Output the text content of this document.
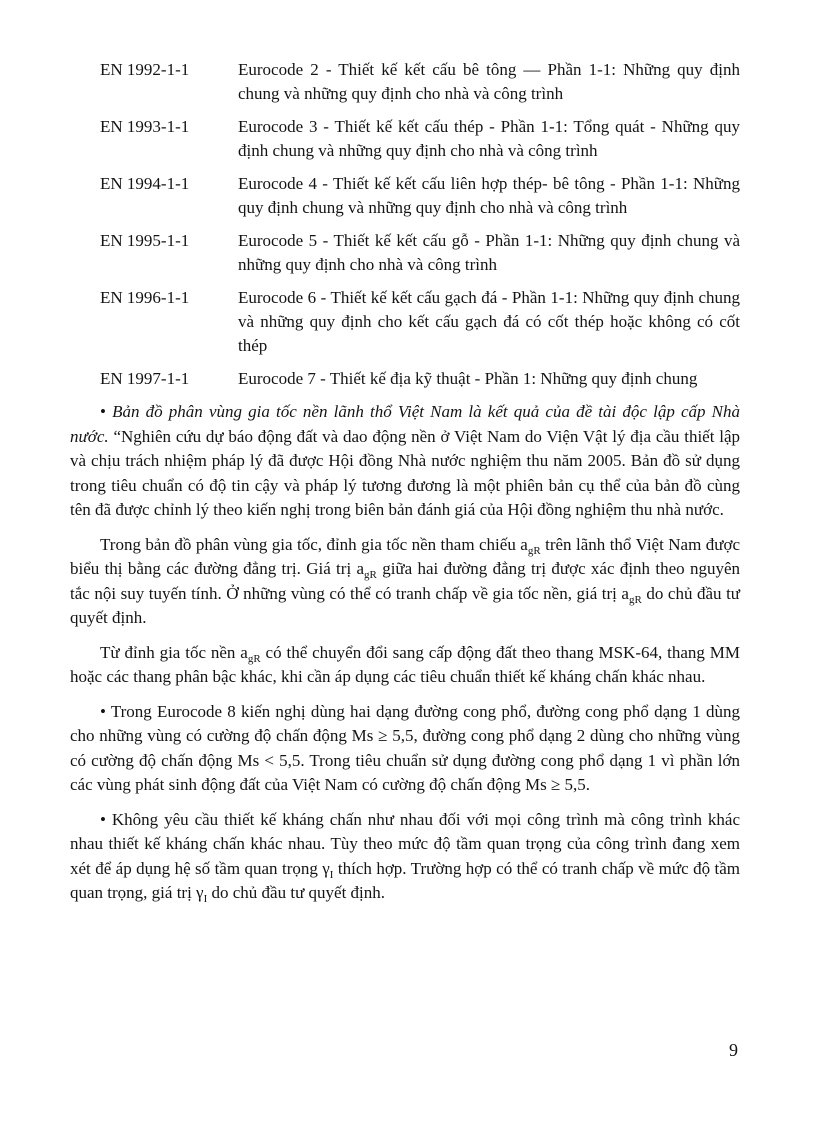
EN 1992-1-1	Eurocode 2 - Thiết kế kết cấu bê tông — Phần 1-1: Những quy định chung và những quy định cho nhà và công trình
EN 1993-1-1	Eurocode 3 - Thiết kế kết cấu thép - Phần 1-1: Tổng quát - Những quy định chung và những quy định cho nhà và công trình
EN 1994-1-1	Eurocode 4 - Thiết kế kết cấu liên hợp thép- bê tông - Phần 1-1: Những quy định chung và những quy định cho nhà và công trình
EN 1995-1-1	Eurocode 5 - Thiết kế kết cấu gỗ - Phần 1-1: Những quy định chung và những quy định cho nhà và công trình
EN 1996-1-1	Eurocode 6 - Thiết kế kết cấu gạch đá - Phần 1-1: Những quy định chung và những quy định cho kết cấu gạch đá có cốt thép hoặc không có cốt thép
EN 1997-1-1	Eurocode 7 - Thiết kế địa kỹ thuật - Phần 1: Những quy định chung

• Bản đồ phân vùng gia tốc nền lãnh thổ Việt Nam là kết quả của đề tài độc lập cấp Nhà nước. “Nghiên cứu dự báo động đất và dao động nền ở Việt Nam do Viện Vật lý địa cầu thiết lập và chịu trách nhiệm pháp lý đã được Hội đồng Nhà nước nghiệm thu năm 2005. Bản đồ sử dụng trong tiêu chuẩn có độ tin cậy và pháp lý tương đương là một phiên bản cụ thể của bản đồ cùng tên đã được chỉnh lý theo kiến nghị trong biên bản đánh giá của Hội đồng nghiệm thu nhà nước.

Trong bản đồ phân vùng gia tốc, đỉnh gia tốc nền tham chiếu $a_{gR}$ trên lãnh thổ Việt Nam được biểu thị bằng các đường đẳng trị. Giá trị $a_{gR}$ giữa hai đường đẳng trị được xác định theo nguyên tắc nội suy tuyến tính. Ở những vùng có thể có tranh chấp về gia tốc nền, giá trị $a_{gR}$ do chủ đầu tư quyết định.

Từ đỉnh gia tốc nền $a_{gR}$ có thể chuyển đổi sang cấp động đất theo thang MSK-64, thang MM hoặc các thang phân bậc khác, khi cần áp dụng các tiêu chuẩn thiết kế kháng chấn khác nhau.

• Trong Eurocode 8 kiến nghị dùng hai dạng đường cong phổ, đường cong phổ dạng 1 dùng cho những vùng có cường độ chấn động Ms ≥ 5,5, đường cong phổ dạng 2 dùng cho những vùng có cường độ chấn động Ms < 5,5. Trong tiêu chuẩn sử dụng đường cong phổ dạng 1 vì phần lớn các vùng phát sinh động đất của Việt Nam có cường độ chấn động Ms ≥ 5,5.

• Không yêu cầu thiết kế kháng chấn như nhau đối với mọi công trình mà công trình khác nhau thiết kế kháng chấn khác nhau. Tùy theo mức độ tầm quan trọng của công trình đang xem xét để áp dụng hệ số tầm quan trọng $\gamma_I$ thích hợp. Trường hợp có thể có tranh chấp về mức độ tầm quan trọng, giá trị $\gamma_I$ do chủ đầu tư quyết định.

9
